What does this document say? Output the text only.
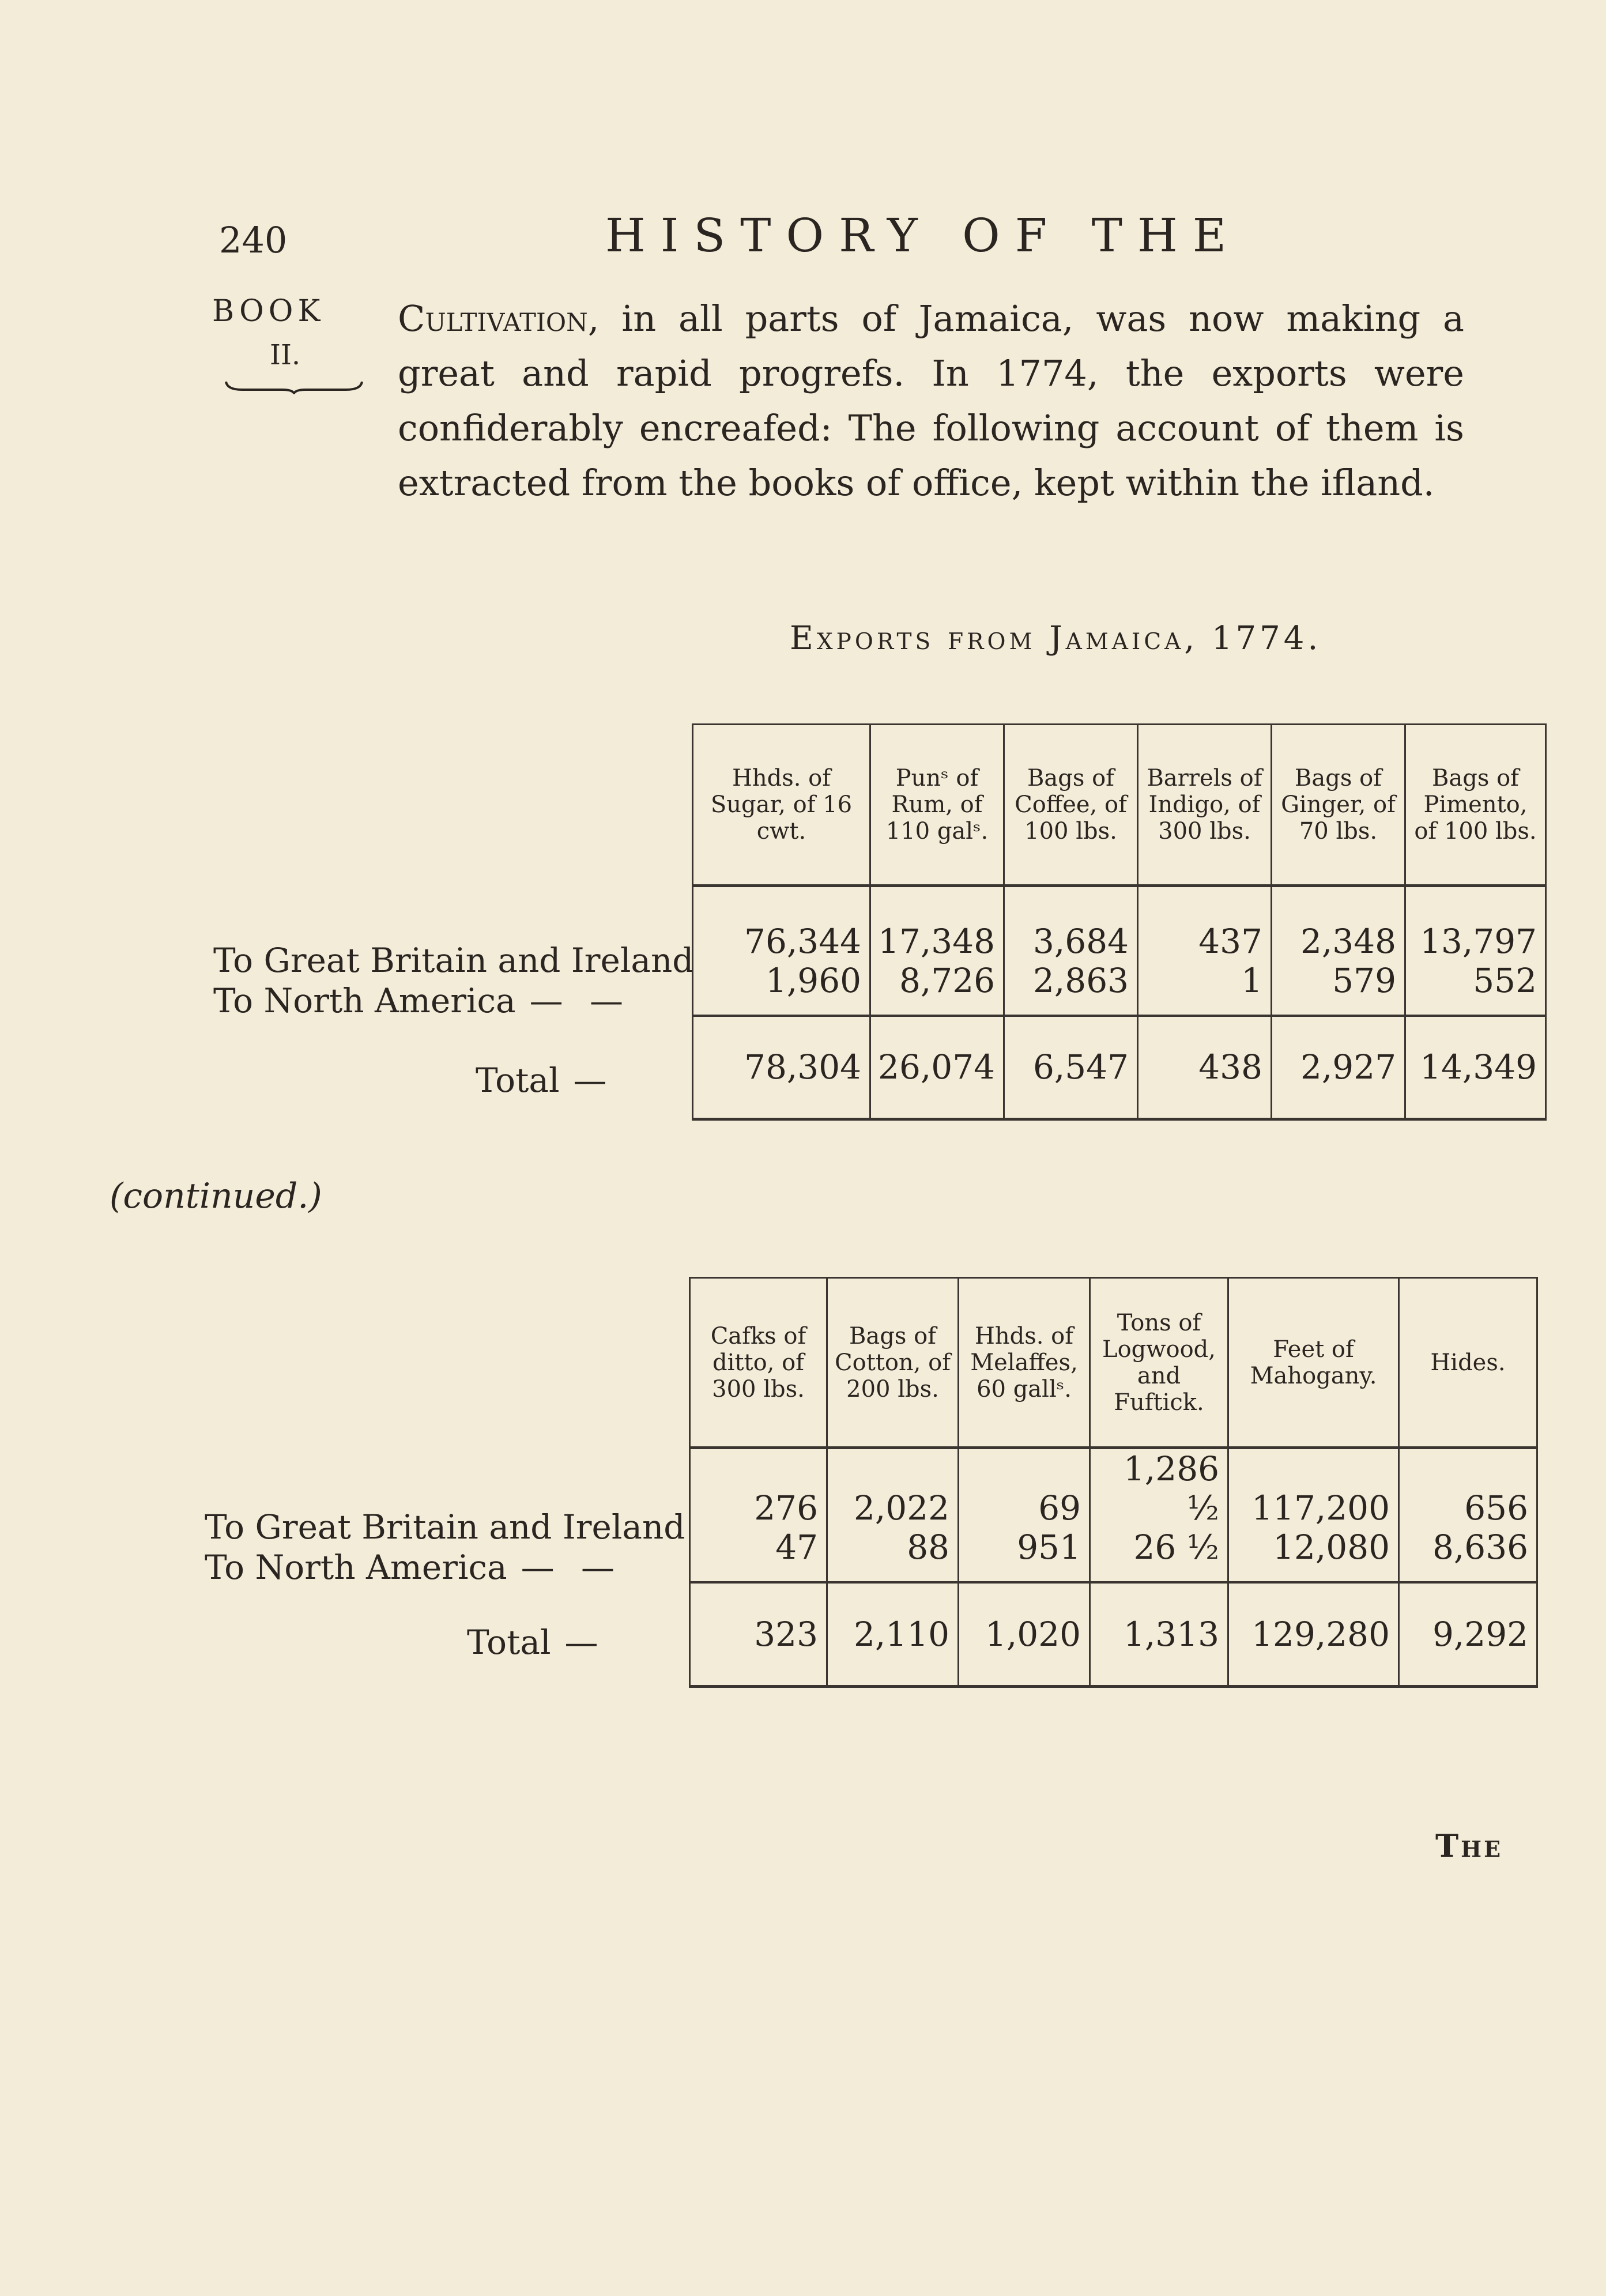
240	HISTORY OF THE
BOOK
II.

Cultivation, in all parts of Jamaica, was now making a great and rapid progrefs. In 1774, the exports were confiderably encreafed: The following account of them is extracted from the books of office, kept within the ifland.

Exports from Jamaica, 1774.
To Great Britain and Ireland
To North America — —
Total —
Hhds. of Sugar, of 16 cwt.	Punˢ of Rum, of 110 galˢ.	Bags of Coffee, of 100 lbs.	Barrels of Indigo, of 300 lbs.	Bags of Ginger, of 70 lbs.	Bags of Pimento, of 100 lbs.
76,344	17,348	3,684	437	2,348	13,797
1,960	8,726	2,863	1	579	552
78,304	26,074	6,547	438	2,927	14,349
(continued.)
To Great Britain and Ireland
To North America — —
Total —
Cafks of ditto, of 300 lbs.	Bags of Cotton, of 200 lbs.	Hhds. of Melaffes, 60 gallˢ.	Tons of Logwood, and Fuftick.	Feet of Mahogany.	Hides.
276	2,022	69	1,286 ½	117,200	656
47	88	951	26 ½	12,080	8,636
323	2,110	1,020	1,313	129,280	9,292
The
